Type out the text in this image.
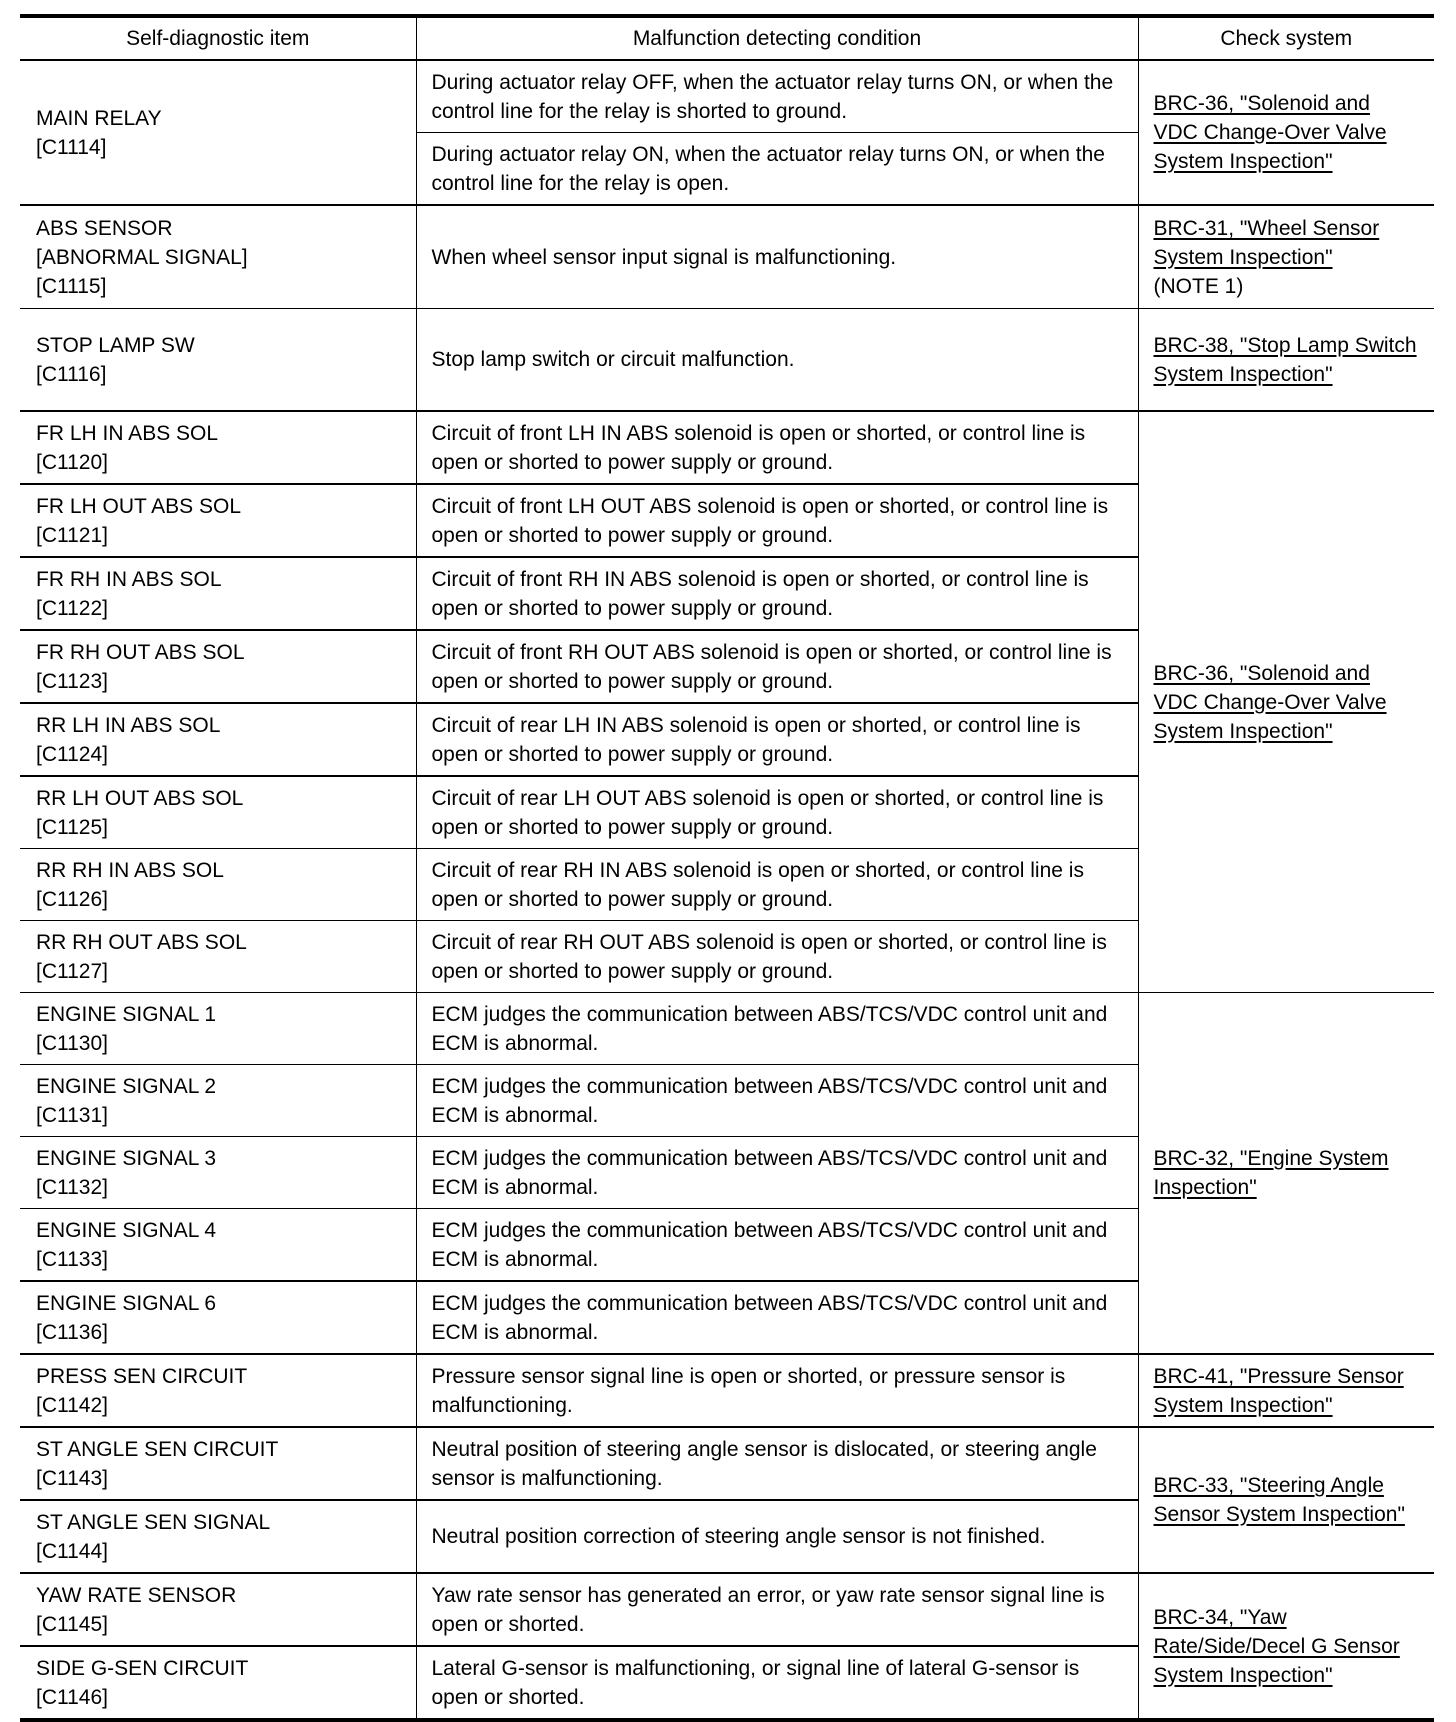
Self-diagnostic item	Malfunction detecting condition	Check system

MAIN RELAY
[C1114]	During actuator relay OFF, when the actuator relay turns ON, or when the control line for the relay is shorted to ground.	BRC-36, "Solenoid and VDC Change-Over Valve System Inspection"
	During actuator relay ON, when the actuator relay turns ON, or when the control line for the relay is open.	

ABS SENSOR
[ABNORMAL SIGNAL]
[C1115]	When wheel sensor input signal is malfunctioning.	BRC-31, "Wheel Sensor System Inspection"
(NOTE 1)

STOP LAMP SW
[C1116]	Stop lamp switch or circuit malfunction.	BRC-38, "Stop Lamp Switch System Inspection"

FR LH IN ABS SOL
[C1120]	Circuit of front LH IN ABS solenoid is open or shorted, or control line is open or shorted to power supply or ground.	BRC-36, "Solenoid and VDC Change-Over Valve System Inspection"

FR LH OUT ABS SOL
[C1121]	Circuit of front LH OUT ABS solenoid is open or shorted, or control line is open or shorted to power supply or ground.	

FR RH IN ABS SOL
[C1122]	Circuit of front RH IN ABS solenoid is open or shorted, or control line is open or shorted to power supply or ground.	

FR RH OUT ABS SOL
[C1123]	Circuit of front RH OUT ABS solenoid is open or shorted, or control line is open or shorted to power supply or ground.	

RR LH IN ABS SOL
[C1124]	Circuit of rear LH IN ABS solenoid is open or shorted, or control line is open or shorted to power supply or ground.	

RR LH OUT ABS SOL
[C1125]	Circuit of rear LH OUT ABS solenoid is open or shorted, or control line is open or shorted to power supply or ground.	

RR RH IN ABS SOL
[C1126]	Circuit of rear RH IN ABS solenoid is open or shorted, or control line is open or shorted to power supply or ground.	

RR RH OUT ABS SOL
[C1127]	Circuit of rear RH OUT ABS solenoid is open or shorted, or control line is open or shorted to power supply or ground.	

ENGINE SIGNAL 1
[C1130]	ECM judges the communication between ABS/TCS/VDC control unit and ECM is abnormal.	BRC-32, "Engine System Inspection"

ENGINE SIGNAL 2
[C1131]	ECM judges the communication between ABS/TCS/VDC control unit and ECM is abnormal.	

ENGINE SIGNAL 3
[C1132]	ECM judges the communication between ABS/TCS/VDC control unit and ECM is abnormal.	

ENGINE SIGNAL 4
[C1133]	ECM judges the communication between ABS/TCS/VDC control unit and ECM is abnormal.	

ENGINE SIGNAL 6
[C1136]	ECM judges the communication between ABS/TCS/VDC control unit and ECM is abnormal.	

PRESS SEN CIRCUIT
[C1142]	Pressure sensor signal line is open or shorted, or pressure sensor is malfunctioning.	BRC-41, "Pressure Sensor System Inspection"

ST ANGLE SEN CIRCUIT
[C1143]	Neutral position of steering angle sensor is dislocated, or steering angle sensor is malfunctioning.	BRC-33, "Steering Angle Sensor System Inspection"

ST ANGLE SEN SIGNAL
[C1144]	Neutral position correction of steering angle sensor is not finished.	

YAW RATE SENSOR
[C1145]	Yaw rate sensor has generated an error, or yaw rate sensor signal line is open or shorted.	BRC-34, "Yaw Rate/Side/Decel G Sensor System Inspection"

SIDE G-SEN CIRCUIT
[C1146]	Lateral G-sensor is malfunctioning, or signal line of lateral G-sensor is open or shorted.	
